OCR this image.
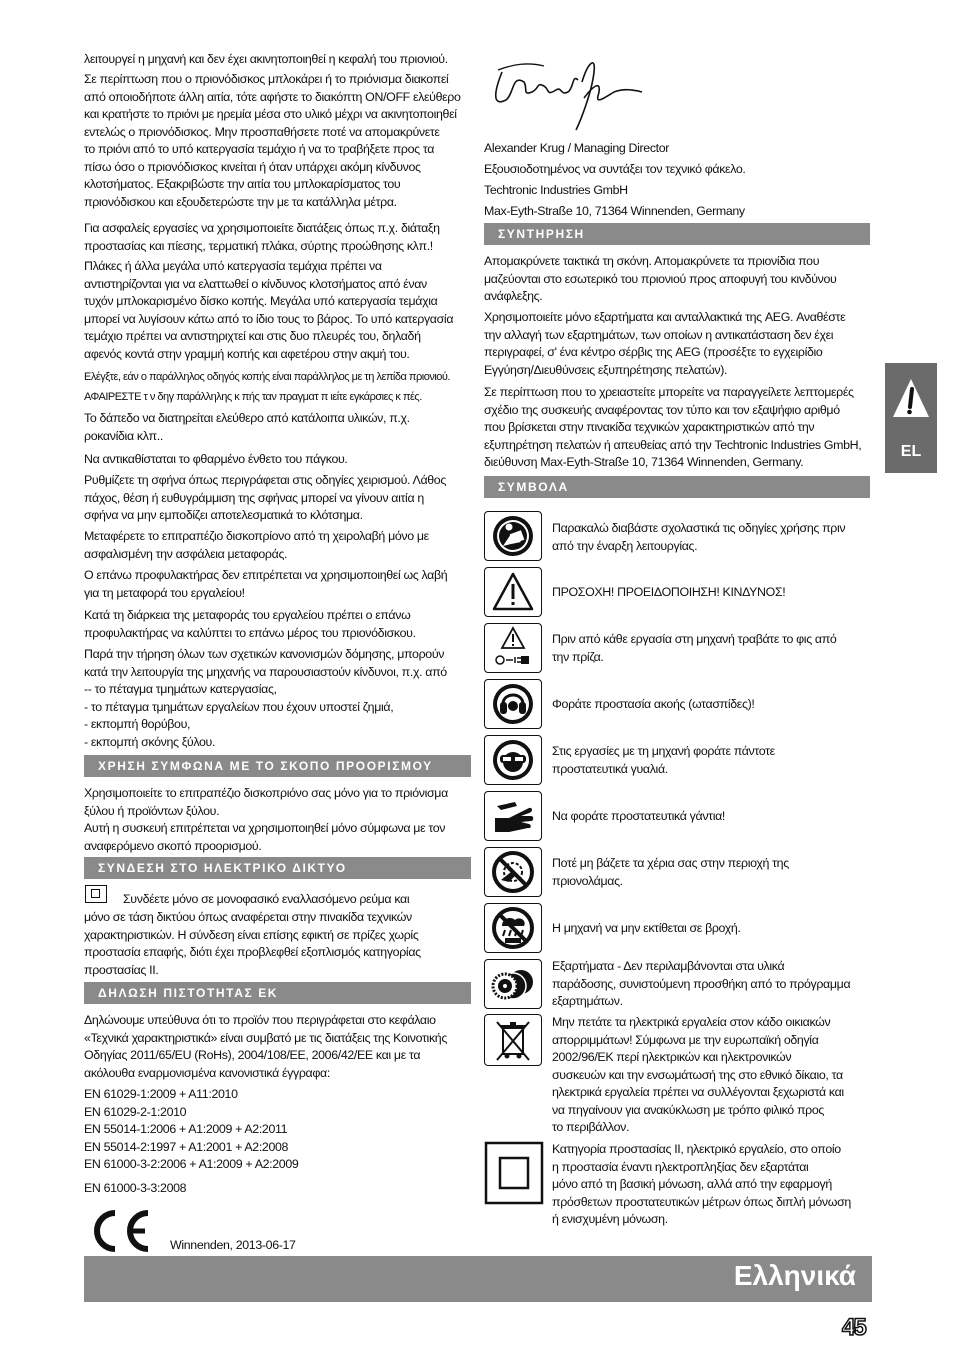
λειτουργεί η μηχανή και δεν έχει ακινητοποιηθεί η κεφαλή του πριονιού.

Σε περίπτωση που ο πριονόδισκος μπλοκάρει ή το πριόνισμα διακοπεί
από οποιοδήποτε άλλη αιτία, τότε αφήστε το διακόπτη ON/OFF ελεύθερο
και κρατήστε το πριόνι με ηρεμία μέσα στο υλικό μέχρι να ακινητοποιηθεί
εντελώς ο πριονόδισκος. Μην προσπαθήσετε ποτέ να απομακρύνετε
το πριόνι από το υπό κατεργασία τεμάχιο ή να το τραβήξετε προς τα
πίσω όσο ο πριονόδισκος κινείται ή όταν υπάρχει ακόμη κίνδυνος
κλοτσήματος. Εξακριβώστε την αιτία του μπλοκαρίσματος του
πριονόδισκου και εξουδετερώστε την με τα κατάλληλα μέτρα.

Για ασφαλείς εργασίες να χρησιμοποιείτε διατάξεις όπως π.χ. διάταξη
προστασίας και πίεσης, τερματική πλάκα, σύρτης προώθησης κλπ.!

Πλάκες ή άλλα μεγάλα υπό κατεργασία τεμάχια πρέπει να
αντιστηρίζονται για να ελαττωθεί ο κίνδυνος κλοτσήματος από έναν
τυχόν μπλοκαρισμένο δίσκο κοπής. Μεγάλα υπό κατεργασία τεμάχια
μπορεί να λυγίσουν κάτω από το ίδιο τους το βάρος. Το υπό κατεργασία
τεμάχιο πρέπει να αντιστηριχτεί και στις δυο πλευρές του, δηλαδή
αφενός κοντά στην γραμμή κοπής και αφετέρου στην ακμή του.

Ελέγξτε, εάν ο παράλληλος οδηγός κοπής είναι παράλληλος με τη λεπίδα πριονιού.

ΑΦΑΙΡΕΣΤΕ τ ν δηγ παράλληλης κ πής ταν πραγματ π ιείτε εγκάρσιες κ πές.

Το δάπεδο να διατηρείται ελεύθερο από κατάλοιπα υλικών, π.χ.
ροκανίδια κλπ..

Να αντικαθίσταται το φθαρμένο ένθετο του πάγκου.

Ρυθμίζετε τη σφήνα όπως περιγράφεται στις οδηγίες χειρισμού. Λάθος
πάχος, θέση ή ευθυγράμμιση της σφήνας μπορεί να γίνουν αιτία η
σφήνα να μην εμποδίζει αποτελεσματικά το κλότσημα.

Μεταφέρετε το επιτραπέζιο δισκοπρίονο από τη χειρολαβή μόνο με
ασφαλισμένη την ασφάλεια μεταφοράς.

Ο επάνω προφυλακτήρας δεν επιτρέπεται να χρησιμοποιηθεί ως λαβή
για τη μεταφορά του εργαλείου!

Κατά τη διάρκεια της μεταφοράς του εργαλείου πρέπει ο επάνω
προφυλακτήρας να καλύπτει το επάνω μέρος του πριονόδισκου.

Παρά την τήρηση όλων των σχετικών κανονισμών δόμησης, μπορούν
κατά την λειτουργία της μηχανής να παρουσιαστούν κίνδυνοι, π.χ. από
-- το πέταγμα τμημάτων κατεργασίας,
- το πέταγμα τμημάτων εργαλείων που έχουν υποστεί ζημιά,
- εκπομπή θορύβου,
- εκπομπή σκόνης ξύλου.

ΧΡΗΣΗ ΣΥΜΦΩΝΑ ΜΕ ΤΟ ΣΚΟΠΟ ΠΡΟΟΡΙΣΜΟΥ

Χρησιμοποιείτε το επιτραπέζιο δισκοπριόνο σας μόνο για το πριόνισμα
ξύλου ή προϊόντων ξύλου.
Αυτή η συσκευή επιτρέπεται να χρησιμοποιηθεί μόνο σύμφωνα με τον
αναφερόμενο σκοπό προορισμού.

ΣΥΝΔΕΣΗ ΣΤΟ ΗΛΕΚΤΡΙΚΟ ΔΙΚΤΥΟ

Συνδέετε μόνο σε μονοφασικό εναλλασόμενο ρεύμα και

μόνο σε τάση δικτύου όπως αναφέρεται στην πινακίδα τεχνικών
χαρακτηριστικών. Η σύνδεση είναι επίσης εφικτή σε πρίζες χωρίς
προστασία επαφής, διότι έχει προβλεφθεί εξοπλισμός κατηγορίας
προστασίας II.

ΔΗΛΩΣΗ ΠΙΣΤΟΤΗΤΑΣ ΕΚ

Δηλώνουμε υπεύθυνα ότι το προϊόν που περιγράφεται στο κεφάλαιο
«Τεχνικά χαρακτηριστικά» είναι συμβατό με τις διατάξεις της Κοινοτικής
Οδηγίας 2011/65/EU (RoHs), 2004/108/ΕE, 2006/42/ΕΕ και με τα
ακόλουθα εναρμονισμένα κανονιστικά έγγραφα:

EN 61029-1:2009 + A11:2010
EN 61029-2-1:2010
EN 55014-1:2006 + A1:2009 + A2:2011
EN 55014-2:1997 + A1:2001 + A2:2008
EN 61000-3-2:2006 + A1:2009 + A2:2009

EN 61000-3-3:2008

Winnenden, 2013-06-17

Alexander Krug / Managing Director

Εξουσιοδοτημένος να συντάξει τον τεχνικό φάκελο.

Techtronic Industries GmbH

Max-Eyth-Straße 10, 71364 Winnenden, Germany

ΣΥΝΤΗΡΗΣΗ

Απομακρύνετε τακτικά τη σκόνη. Απομακρύνετε τα πριονίδια που
μαζεύονται στο εσωτερικό του πριονιού προς αποφυγή του κινδύνου
ανάφλεξης.

Χρησιμοποιείτε μόνο εξαρτήματα και ανταλλακτικά της AEG. Αναθέστε
την αλλαγή των εξαρτημάτων, των οποίων η αντικατάσταση δεν έχει
περιγραφεί, σ' ένα κέντρο σέρβις της AEG (προσέξτε το εγχειρίδιο
Εγγύηση/Διευθύνσεις εξυπηρέτησης πελατών).

Σε περίπτωση που το χρειαστείτε μπορείτε να παραγγείλετε λεπτομερές
σχέδιο της συσκευής αναφέροντας τον τύπο και τον εξαψήφιο αριθμό
που βρίσκεται στην πινακίδα τεχνικών χαρακτηριστικών από την
εξυπηρέτηση πελατών ή απευθείας από την Techtronic Industries GmbH,
διεύθυνση Max-Eyth-Straße 10, 71364 Winnenden, Germany.

ΣΥΜΒΟΛΑ

Παρακαλώ διαβάστε σχολαστικά τις οδηγίες χρήσης πριν
από την έναρξη λειτουργίας.

ΠΡΟΣΟΧΗ! ΠΡΟΕΙΔΟΠΟΙΗΣΗ! ΚΙΝΔΥΝΟΣ!

Πριν από κάθε εργασία στη μηχανή τραβάτε το φις από
την πρίζα.

Φοράτε προστασία ακοής (ωτασπίδες)!

Στις εργασίες με τη μηχανή φοράτε πάντοτε
προστατευτικά γυαλιά.

Να φοράτε προστατευτικά γάντια!

Ποτέ μη βάζετε τα χέρια σας στην περιοχή της
πριονολάμας.

Η μηχανή να μην εκτίθεται σε βροχή.

Εξαρτήματα - Δεν περιλαμβάνονται στα υλικά
παράδοσης, συνιστούμενη προσθήκη από το πρόγραμμα
εξαρτημάτων.

Μην πετάτε τα ηλεκτρικά εργαλεία στον κάδο οικιακών
απορριμμάτων! Σύμφωνα με την ευρωπαϊκή οδηγία
2002/96/ΕΚ περί ηλεκτρικών και ηλεκτρονικών
συσκευών και την ενσωμάτωσή της στο εθνικό δίκαιο, τα
ηλεκτρικά εργαλεία πρέπει να συλλέγονται ξεχωριστά και
να πηγαίνουν για ανακύκλωση με τρόπο φιλικό προς
το περιβάλλον.

Κατηγορία προστασίας II, ηλεκτρικό εργαλείο, στο οποίο
η προστασία έναντι ηλεκτροπληξίας δεν εξαρτάται
μόνο από τη βασική μόνωση, αλλά από την εφαρμογή
πρόσθετων προστατευτικών μέτρων όπως διπλή μόνωση
ή ενισχυμένη μόνωση.

EL
Ελληνικά
45
